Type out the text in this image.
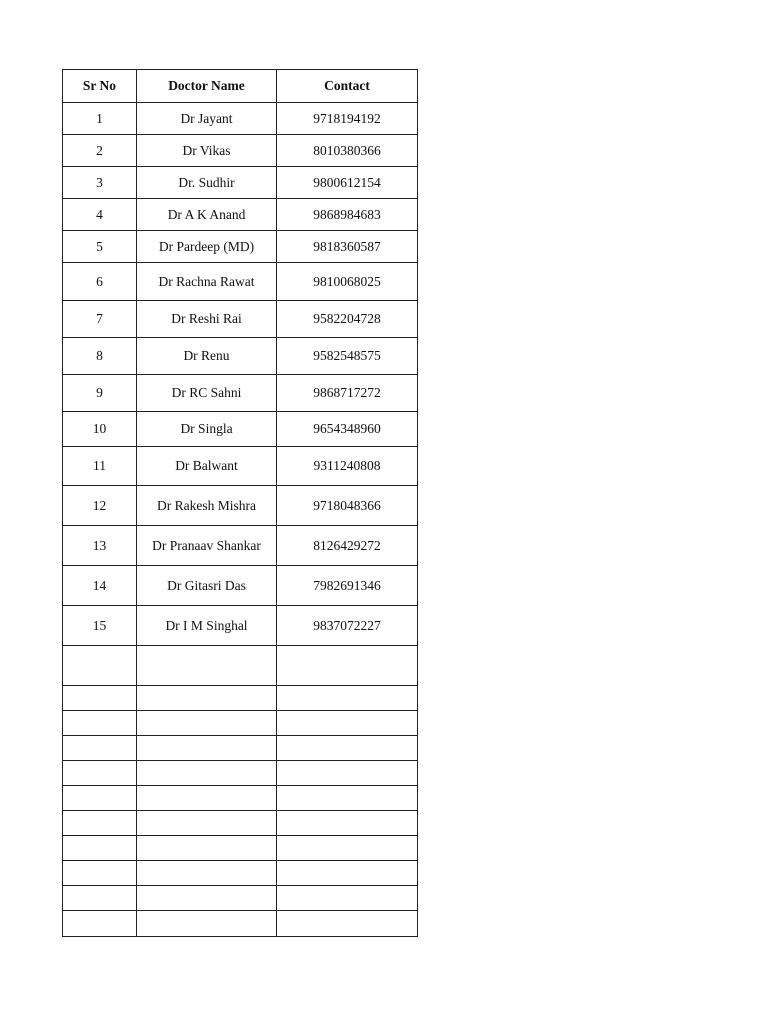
Sr No	Doctor Name	Contact
1	Dr Jayant	9718194192
2	Dr Vikas	8010380366
3	Dr. Sudhir	9800612154
4	Dr A K Anand	9868984683
5	Dr Pardeep (MD)	9818360587
6	Dr Rachna Rawat	9810068025
7	Dr Reshi Rai	9582204728
8	Dr Renu	9582548575
9	Dr RC Sahni	9868717272
10	Dr Singla	9654348960
11	Dr Balwant	9311240808
12	Dr Rakesh Mishra	9718048366
13	Dr Pranaav Shankar	8126429272
14	Dr Gitasri Das	7982691346
15	Dr I M Singhal	9837072227
